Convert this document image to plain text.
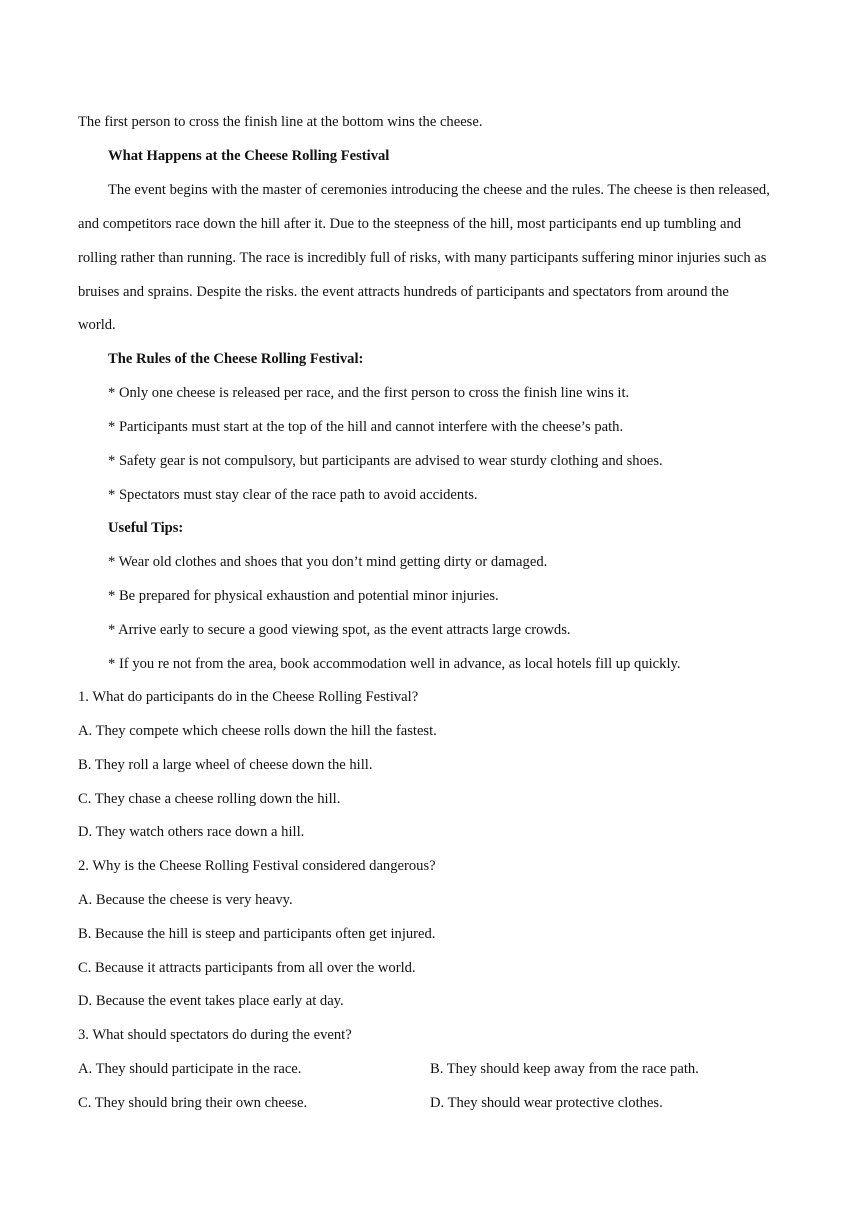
The first person to cross the finish line at the bottom wins the cheese.
What Happens at the Cheese Rolling Festival
The event begins with the master of ceremonies introducing the cheese and the rules. The cheese is then released,
and competitors race down the hill after it. Due to the steepness of the hill, most participants end up tumbling and
rolling rather than running. The race is incredibly full of risks, with many participants suffering minor injuries such as
bruises and sprains. Despite the risks. the event attracts hundreds of participants and spectators from around the
world.
The Rules of the Cheese Rolling Festival:
* Only one cheese is released per race, and the first person to cross the finish line wins it.
* Participants must start at the top of the hill and cannot interfere with the cheese’s path.
* Safety gear is not compulsory, but participants are advised to wear sturdy clothing and shoes.
* Spectators must stay clear of the race path to avoid accidents.
Useful Tips:
* Wear old clothes and shoes that you don’t mind getting dirty or damaged.
* Be prepared for physical exhaustion and potential minor injuries.
* Arrive early to secure a good viewing spot, as the event attracts large crowds.
* If you re not from the area, book accommodation well in advance, as local hotels fill up quickly.
1. What do participants do in the Cheese Rolling Festival?
A. They compete which cheese rolls down the hill the fastest.
B. They roll a large wheel of cheese down the hill.
C. They chase a cheese rolling down the hill.
D. They watch others race down a hill.
2. Why is the Cheese Rolling Festival considered dangerous?
A. Because the cheese is very heavy.
B. Because the hill is steep and participants often get injured.
C. Because it attracts participants from all over the world.
D. Because the event takes place early at day.
3. What should spectators do during the event?
A. They should participate in the race.	B. They should keep away from the race path.
C. They should bring their own cheese.	D. They should wear protective clothes.
